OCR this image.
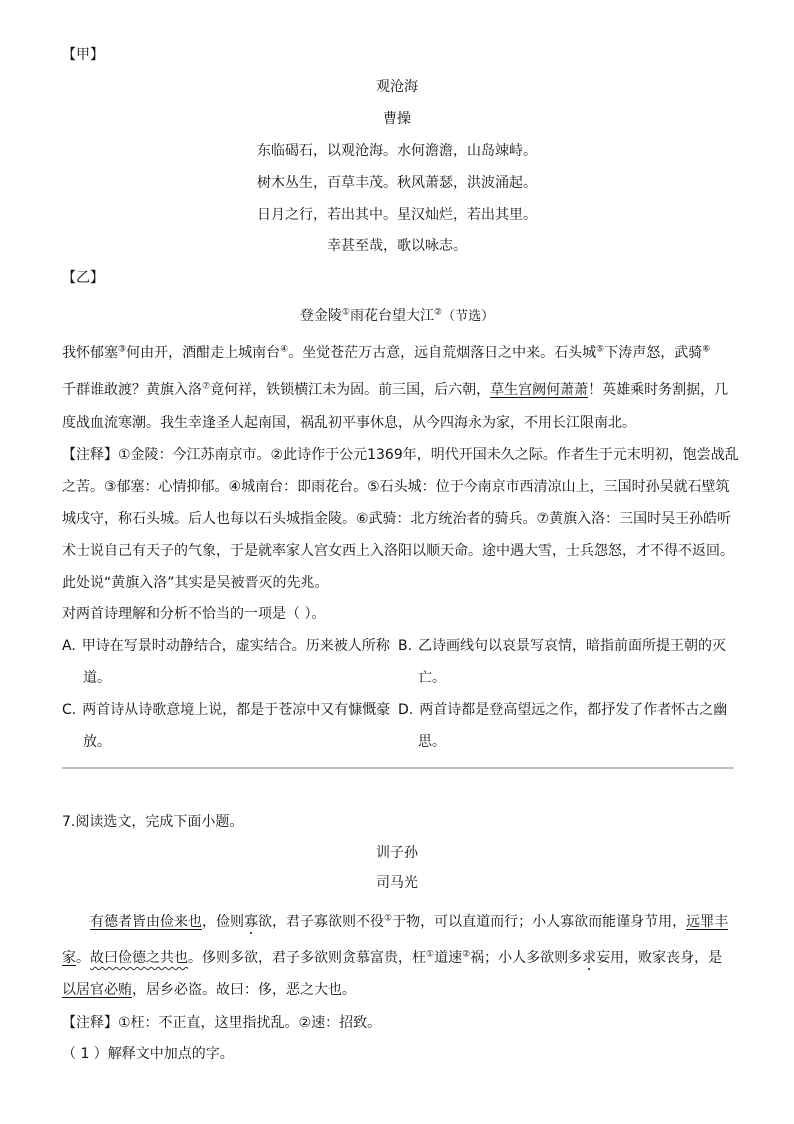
【甲】
观沧海
曹操
东临碣石，以观沧海。水何澹澹，山岛竦峙。
树木丛生，百草丰茂。秋风萧瑟，洪波涌起。
日月之行，若出其中。星汉灿烂，若出其里。
幸甚至哉，歌以咏志。
【乙】
登金陵①雨花台望大江②（节选）
我怀郁塞③何由开，酒酣走上城南台④。坐觉苍茫万古意，远自荒烟落日之中来。石头城⑤下涛声怒，武骑⑥
千群谁敢渡？黄旗入洛⑦竟何祥，铁锁横江未为固。前三国，后六朝，草生宫阙何萧萧！英雄乘时务割据，几
度战血流寒潮。我生幸逢圣人起南国，祸乱初平事休息，从今四海永为家，不用长江限南北。
【注释】①金陵：今江苏南京市。②此诗作于公元1369年，明代开国未久之际。作者生于元末明初，饱尝战乱
之苦。③郁塞：心情抑郁。④城南台：即雨花台。⑤石头城：位于今南京市西清凉山上，三国时孙吴就石壁筑
城戌守，称石头城。后人也每以石头城指金陵。⑥武骑：北方统治者的骑兵。⑦黄旗入洛：三国时吴王孙皓听
术士说自己有天子的气象，于是就率家人宫女西上入洛阳以顺天命。途中遇大雪，士兵怨怒，才不得不返回。
此处说“黄旗入洛”其实是吴被晋灭的先兆。
对两首诗理解和分析不恰当的一项是（ ）。
A. 甲诗在写景时动静结合，虚实结合。历来被人所称
道。
B. 乙诗画线句以哀景写哀情，暗指前面所提王朝的灭
亡。
C. 两首诗从诗歌意境上说，都是于苍凉中又有慷慨豪
放。
D. 两首诗都是登高望远之作，都抒发了作者怀古之幽
思。
7.阅读选文，完成下面小题。
训子孙
司马光
有德者皆由俭来也，俭则寡欲，君子寡欲则不役①于物，可以直道而行；小人寡欲而能谨身节用，远罪丰
家。故曰俭德之共也。侈则多欲，君子多欲则贪慕富贵，枉①道速②祸；小人多欲则多求妄用，败家丧身，是
以居官必贿，居乡必盗。故曰：侈，恶之大也。
【注释】①枉：不正直，这里指扰乱。②速：招致。
（ 1 ）解释文中加点的字。
